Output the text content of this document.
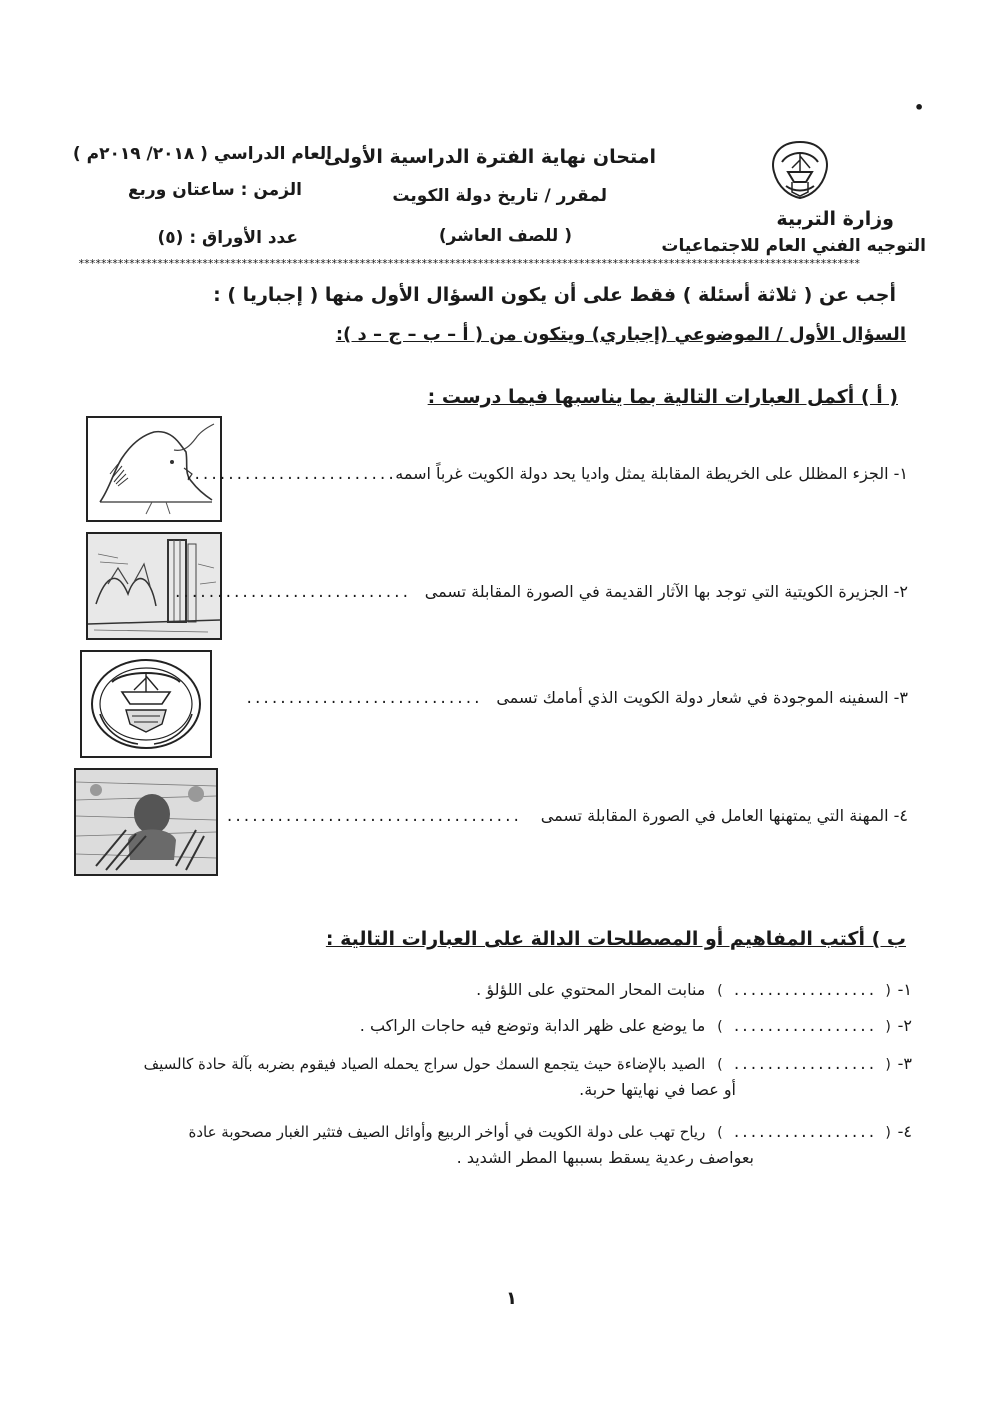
•
وزارة التربية
التوجيه الفني العام للاجتماعيات
امتحان نهاية الفترة الدراسية الأولى
لمقرر / تاريخ دولة الكويت
( للصف العاشر)
العام الدراسي ( ٢٠١٨/ ٢٠١٩م )
الزمن : ساعتان وربع
عدد الأوراق : (٥)
*******************************************************************************************************************************************
أجب عن ( ثلاثة أسئلة ) فقط على أن يكون السؤال الأول منها ( إجباريا ) :
السؤال الأول / الموضوعي (إجباري) ويتكون من ( أ – ب – ج – د ):
( أ ) أكمل العبارات التالية بما يناسبها فيما درست :
١- الجزء المظلل على الخريطة المقابلة يمثل واديا يحد دولة الكويت غرباً اسمه.........................
٢- الجزيرة الكويتية التي توجد بها الآثار القديمة في الصورة المقابلة تسمى   ............................
٣- السفينه الموجودة في شعار دولة الكويت الذي أمامك تسمى   ............................
٤- المهنة التي يمتهنها العامل في الصورة المقابلة تسمى    ...................................
ب ) أكتب المفاهيم أو المصطلحات الدالة على العبارات التالية :
١- ( ................. )  منابت المحار المحتوي على اللؤلؤ .
٢- ( ................. )  ما يوضع على ظهر الدابة وتوضع فيه حاجات الراكب .
٣- ( ................. )  الصيد بالإضاءة حيث يتجمع السمك حول سراج يحمله الصياد فيقوم بضربه بآلة حادة كالسيف
أو عصا في نهايتها حربة.
٤- ( ................. )  رياح تهب على دولة الكويت في أواخر الربيع وأوائل الصيف فتثير الغبار مصحوبة عادة
بعواصف رعدية يسقط بسببها المطر الشديد .
١
